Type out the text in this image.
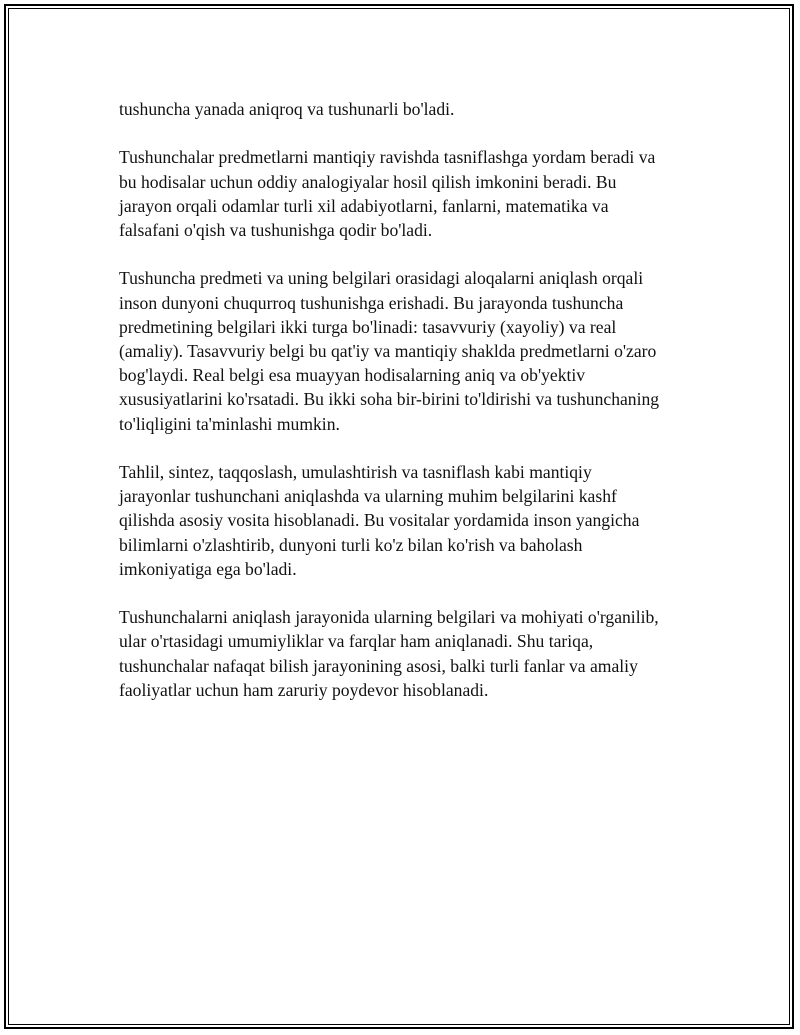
tushuncha yanada aniqroq va tushunarli bo'ladi.

Tushunchalar predmetlarni mantiqiy ravishda tasniflashga yordam beradi va
bu hodisalar uchun oddiy analogiyalar hosil qilish imkonini beradi. Bu
jarayon orqali odamlar turli xil adabiyotlarni, fanlarni, matematika va
falsafani o'qish va tushunishga qodir bo'ladi.

Tushuncha predmeti va uning belgilari orasidagi aloqalarni aniqlash orqali
inson dunyoni chuqurroq tushunishga erishadi. Bu jarayonda tushuncha
predmetining belgilari ikki turga bo'linadi: tasavvuriy (xayoliy) va real
(amaliy). Tasavvuriy belgi bu qat'iy va mantiqiy shaklda predmetlarni o'zaro
bog'laydi. Real belgi esa muayyan hodisalarning aniq va ob'yektiv
xususiyatlarini ko'rsatadi. Bu ikki soha bir-birini to'ldirishi va tushunchaning
to'liqligini ta'minlashi mumkin.

Tahlil, sintez, taqqoslash, umulashtirish va tasniflash kabi mantiqiy
jarayonlar tushunchani aniqlashda va ularning muhim belgilarini kashf
qilishda asosiy vosita hisoblanadi. Bu vositalar yordamida inson yangicha
bilimlarni o'zlashtirib, dunyoni turli ko'z bilan ko'rish va baholash
imkoniyatiga ega bo'ladi.

Tushunchalarni aniqlash jarayonida ularning belgilari va mohiyati o'rganilib,
ular o'rtasidagi umumiyliklar va farqlar ham aniqlanadi. Shu tariqa,
tushunchalar nafaqat bilish jarayonining asosi, balki turli fanlar va amaliy
faoliyatlar uchun ham zaruriy poydevor hisoblanadi.
